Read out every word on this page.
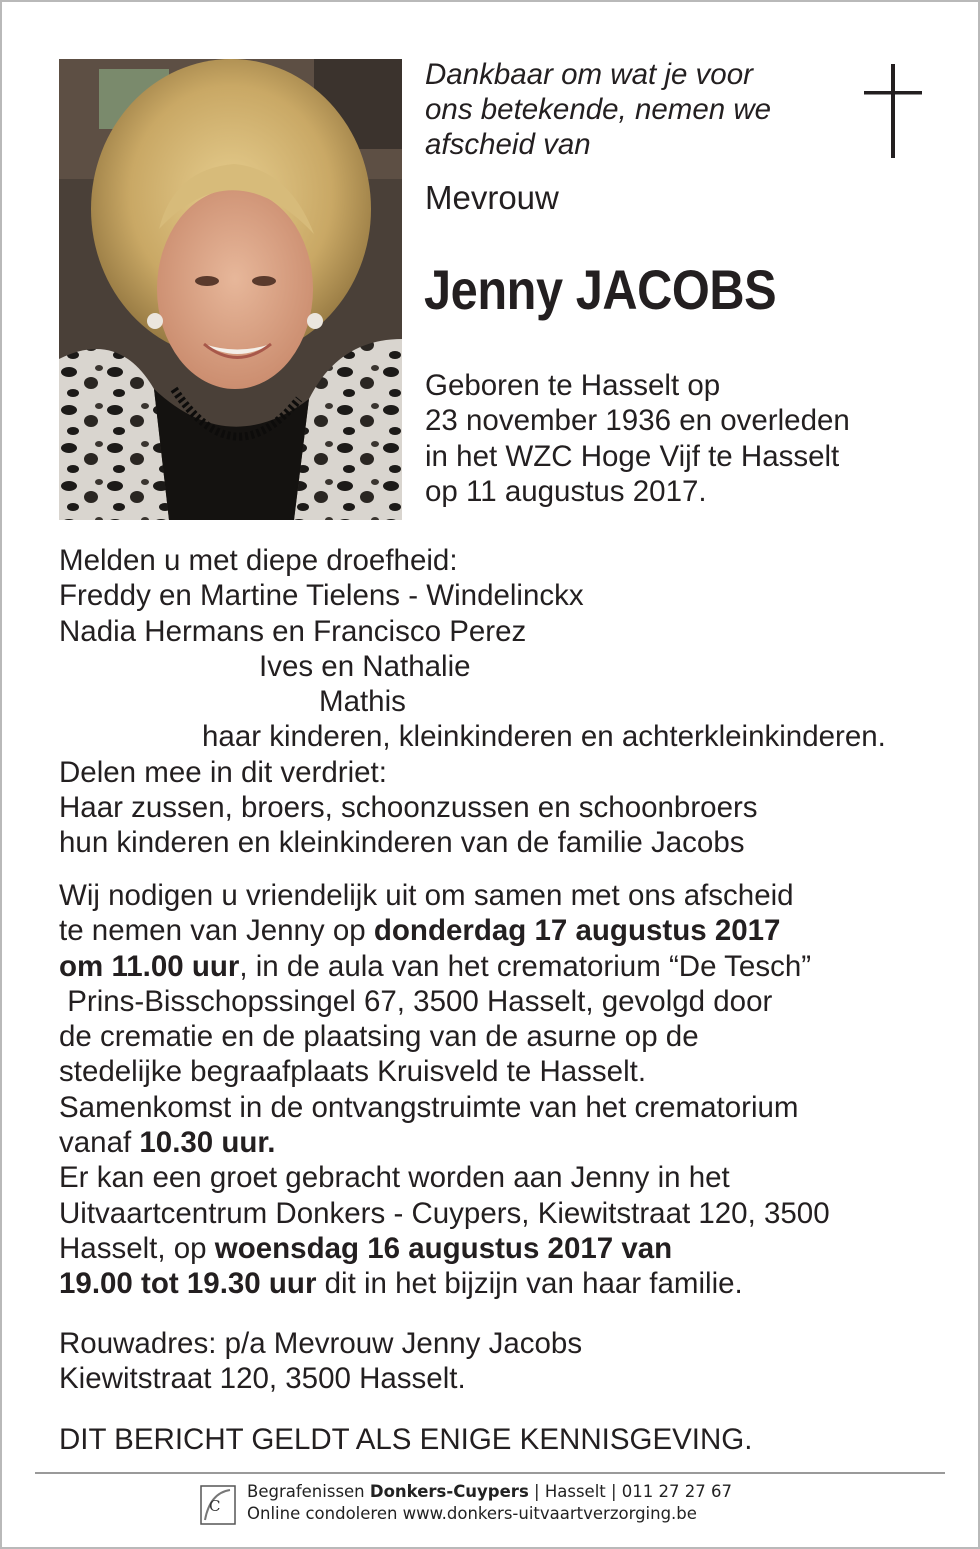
Dankbaar om wat je voor
ons betekende, nemen we
afscheid van
Mevrouw
Jenny JACOBS
Geboren te Hasselt op
23 november 1936 en overleden
in het WZC Hoge Vijf te Hasselt
op 11 augustus 2017.

Melden u met diepe droefheid:

Freddy en Martine Tielens - Windelinckx

Nadia Hermans en Francisco Perez

Ives en Nathalie

Mathis

haar kinderen, kleinkinderen en achterkleinkinderen.

Delen mee in dit verdriet:

Haar zussen, broers, schoonzussen en schoonbroers

hun kinderen en kleinkinderen van de familie Jacobs

Wij nodigen u vriendelijk uit om samen met ons afscheid

te nemen van Jenny op donderdag 17 augustus 2017

om 11.00 uur, in de aula van het crematorium “De Tesch”

Prins-Bisschopssingel 67, 3500 Hasselt, gevolgd door

de crematie en de plaatsing van de asurne op de

stedelijke begraafplaats Kruisveld te Hasselt.

Samenkomst in de ontvangstruimte van het crematorium

vanaf 10.30 uur.

Er kan een groet gebracht worden aan Jenny in het

Uitvaartcentrum Donkers - Cuypers, Kiewitstraat 120, 3500

Hasselt, op woensdag 16 augustus 2017 van

19.00 tot 19.30 uur dit in het bijzijn van haar familie.

Rouwadres: p/a Mevrouw Jenny Jacobs

Kiewitstraat 120, 3500 Hasselt.

DIT BERICHT GELDT ALS ENIGE KENNISGEVING.

C

Begrafenissen Donkers-Cuypers | Hasselt | 011 27 27 67

Online condoleren www.donkers-uitvaartverzorging.be
